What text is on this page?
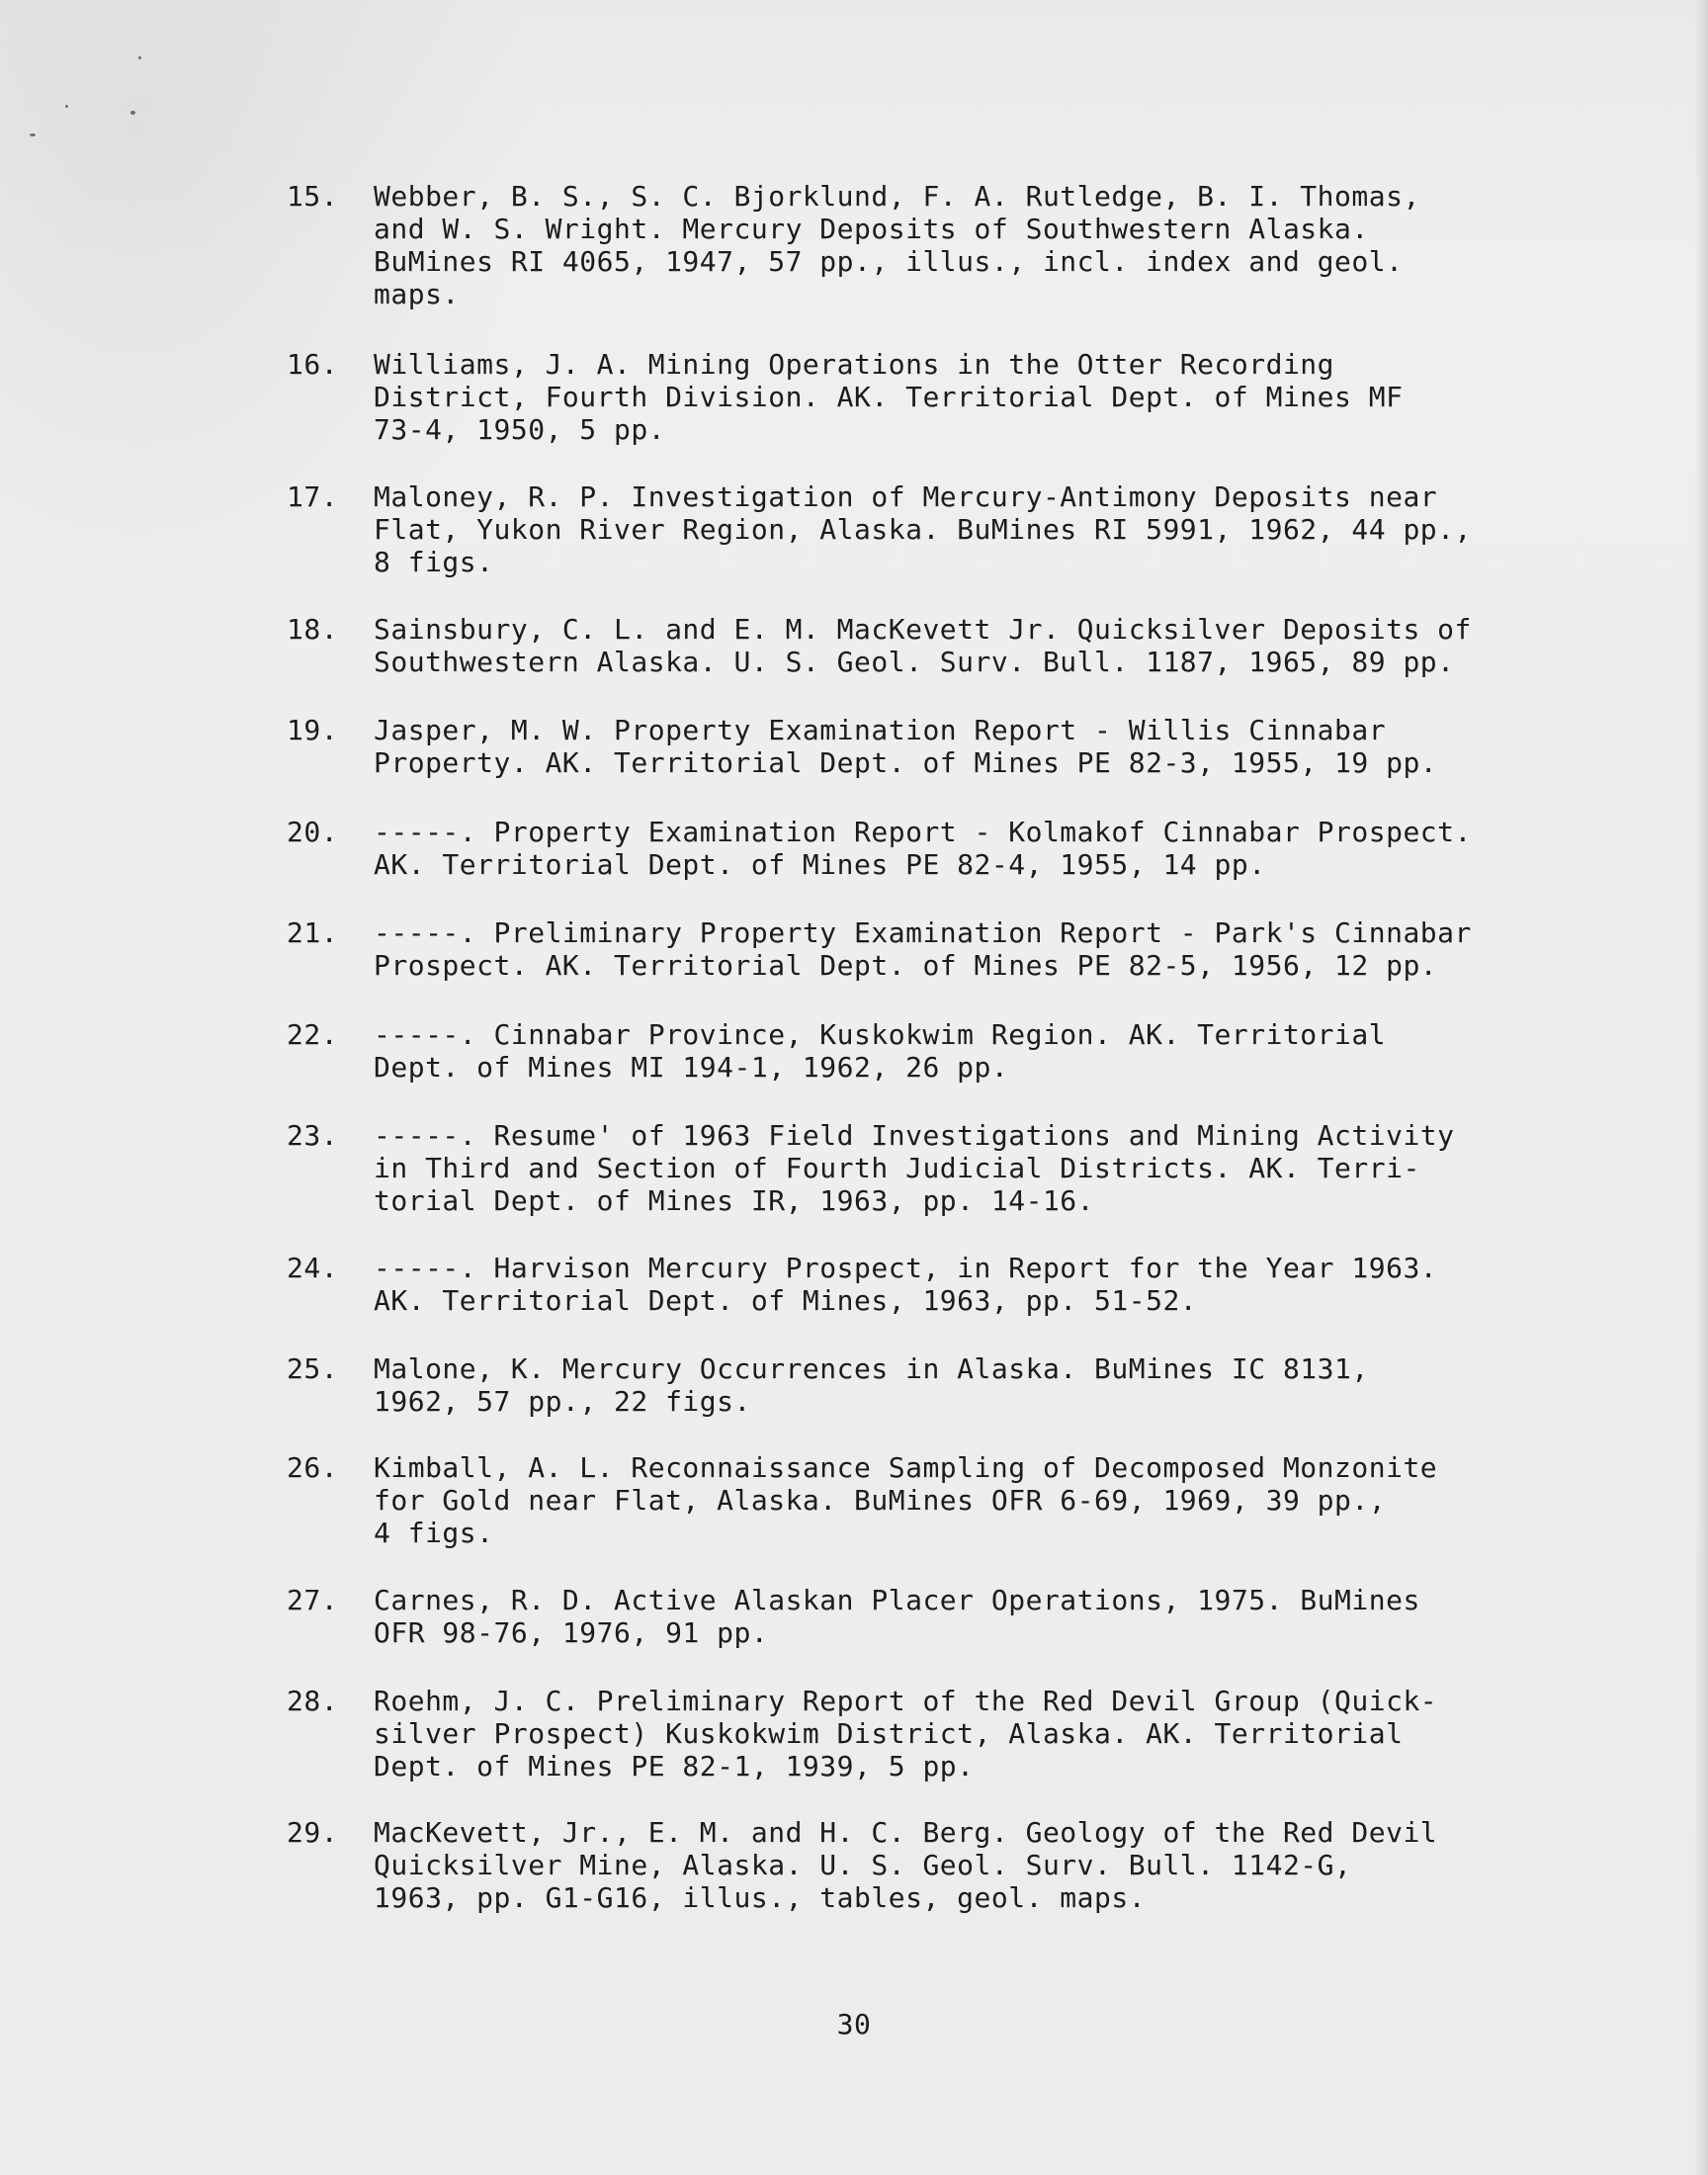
15.	Webber, B. S., S. C. Bjorklund, F. A. Rutledge, B. I. Thomas,
and W. S. Wright. Mercury Deposits of Southwestern Alaska.
BuMines RI 4065, 1947, 57 pp., illus., incl. index and geol.
maps.
16.	Williams, J. A. Mining Operations in the Otter Recording
District, Fourth Division. AK. Territorial Dept. of Mines MF
73-4, 1950, 5 pp.
17.	Maloney, R. P. Investigation of Mercury-Antimony Deposits near
Flat, Yukon River Region, Alaska. BuMines RI 5991, 1962, 44 pp.,
8 figs.
18.	Sainsbury, C. L. and E. M. MacKevett Jr. Quicksilver Deposits of
Southwestern Alaska. U. S. Geol. Surv. Bull. 1187, 1965, 89 pp.
19.	Jasper, M. W. Property Examination Report - Willis Cinnabar
Property. AK. Territorial Dept. of Mines PE 82-3, 1955, 19 pp.
20.	-----. Property Examination Report - Kolmakof Cinnabar Prospect.
AK. Territorial Dept. of Mines PE 82-4, 1955, 14 pp.
21.	-----. Preliminary Property Examination Report - Park's Cinnabar
Prospect. AK. Territorial Dept. of Mines PE 82-5, 1956, 12 pp.
22.	-----. Cinnabar Province, Kuskokwim Region. AK. Territorial
Dept. of Mines MI 194-1, 1962, 26 pp.
23.	-----. Resume' of 1963 Field Investigations and Mining Activity
in Third and Section of Fourth Judicial Districts. AK. Terri-
torial Dept. of Mines IR, 1963, pp. 14-16.
24.	-----. Harvison Mercury Prospect, in Report for the Year 1963.
AK. Territorial Dept. of Mines, 1963, pp. 51-52.
25.	Malone, K. Mercury Occurrences in Alaska. BuMines IC 8131,
1962, 57 pp., 22 figs.
26.	Kimball, A. L. Reconnaissance Sampling of Decomposed Monzonite
for Gold near Flat, Alaska. BuMines OFR 6-69, 1969, 39 pp.,
4 figs.
27.	Carnes, R. D. Active Alaskan Placer Operations, 1975. BuMines
OFR 98-76, 1976, 91 pp.
28.	Roehm, J. C. Preliminary Report of the Red Devil Group (Quick-
silver Prospect) Kuskokwim District, Alaska. AK. Territorial
Dept. of Mines PE 82-1, 1939, 5 pp.
29.	MacKevett, Jr., E. M. and H. C. Berg. Geology of the Red Devil
Quicksilver Mine, Alaska. U. S. Geol. Surv. Bull. 1142-G,
1963, pp. G1-G16, illus., tables, geol. maps.
30
